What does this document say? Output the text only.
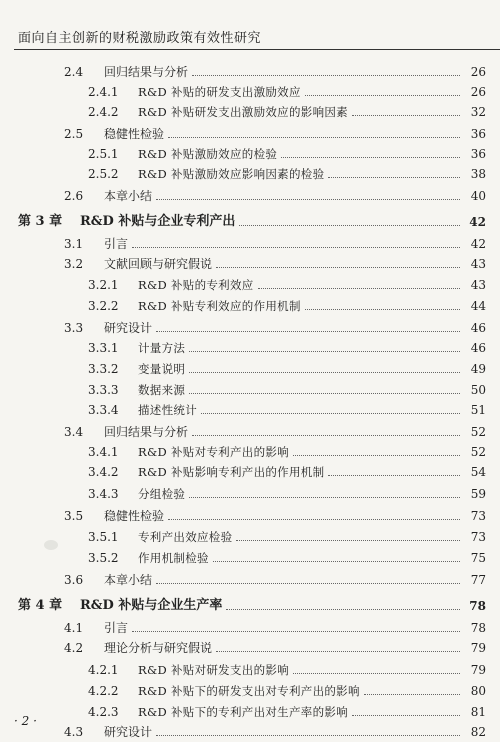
面向自主创新的财税激励政策有效性研究
2.4	回归结果与分析	26
2.4.1	R&D 补贴的研发支出激励效应	26
2.4.2	R&D 补贴研发支出激励效应的影响因素	32
2.5	稳健性检验	36
2.5.1	R&D 补贴激励效应的检验	36
2.5.2	R&D 补贴激励效应影响因素的检验	38
2.6	本章小结	40
第 3 章	R&D 补贴与企业专利产出	42
3.1	引言	42
3.2	文献回顾与研究假说	43
3.2.1	R&D 补贴的专利效应	43
3.2.2	R&D 补贴专利效应的作用机制	44
3.3	研究设计	46
3.3.1	计量方法	46
3.3.2	变量说明	49
3.3.3	数据来源	50
3.3.4	描述性统计	51
3.4	回归结果与分析	52
3.4.1	R&D 补贴对专利产出的影响	52
3.4.2	R&D 补贴影响专利产出的作用机制	54
3.4.3	分组检验	59
3.5	稳健性检验	73
3.5.1	专利产出效应检验	73
3.5.2	作用机制检验	75
3.6	本章小结	77
第 4 章	R&D 补贴与企业生产率	78
4.1	引言	78
4.2	理论分析与研究假说	79
4.2.1	R&D 补贴对研发支出的影响	79
4.2.2	R&D 补贴下的研发支出对专利产出的影响	80
4.2.3	R&D 补贴下的专利产出对生产率的影响	81
4.3	研究设计	82
· 2 ·
